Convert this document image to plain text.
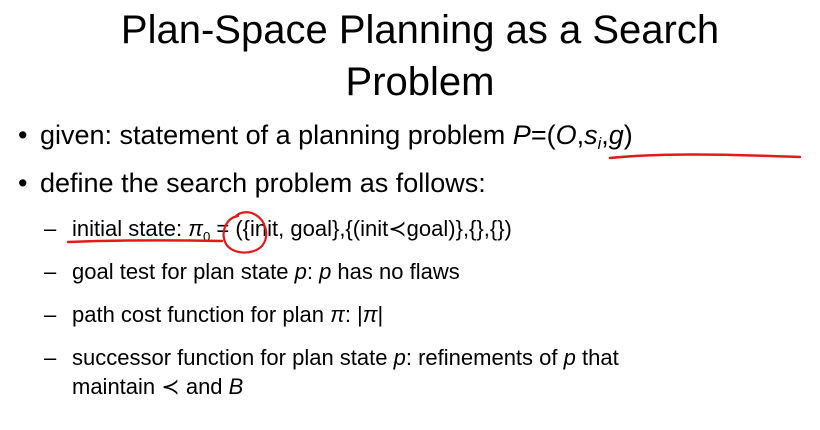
Plan-Space Planning as a Search
Problem
• given: statement of a planning problem $P=(O,s_i,g)$
• define the search problem as follows:
– initial state: $\pi_0$ = ({init, goal},{(init≺goal)},{},{})
– goal test for plan state p: p has no flaws
– path cost function for plan π: |π|
– successor function for plan state p: refinements of p that
maintain ≺ and B
